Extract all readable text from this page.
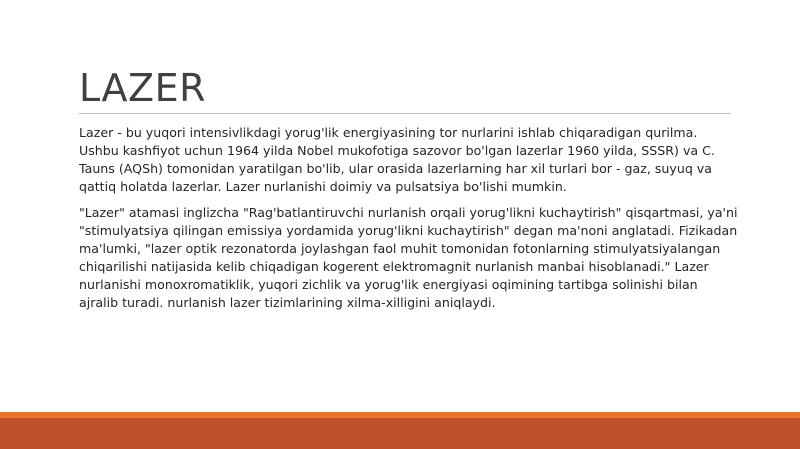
LAZER

Lazer - bu yuqori intensivlikdagi yorug'lik energiyasining tor nurlarini ishlab chiqaradigan qurilma. Ushbu kashfiyot uchun 1964 yilda Nobel mukofotiga sazovor bo'lgan lazerlar 1960 yilda, SSSR) va C. Tauns (AQSh) tomonidan yaratilgan bo'lib, ular orasida lazerlarning har xil turlari bor - gaz, suyuq va qattiq holatda lazerlar. Lazer nurlanishi doimiy va pulsatsiya bo'lishi mumkin.

"Lazer" atamasi inglizcha "Rag'batlantiruvchi nurlanish orqali yorug'likni kuchaytirish" qisqartmasi, ya'ni "stimulyatsiya qilingan emissiya yordamida yorug'likni kuchaytirish" degan ma'noni anglatadi. Fizikadan ma'lumki, "lazer optik rezonatorda joylashgan faol muhit tomonidan fotonlarning stimulyatsiyalangan chiqarilishi natijasida kelib chiqadigan kogerent elektromagnit nurlanish manbai hisoblanadi." Lazer nurlanishi monoxromatiklik, yuqori zichlik va yorug'lik energiyasi oqimining tartibga solinishi bilan ajralib turadi. nurlanish lazer tizimlarining xilma-xilligini aniqlaydi.
